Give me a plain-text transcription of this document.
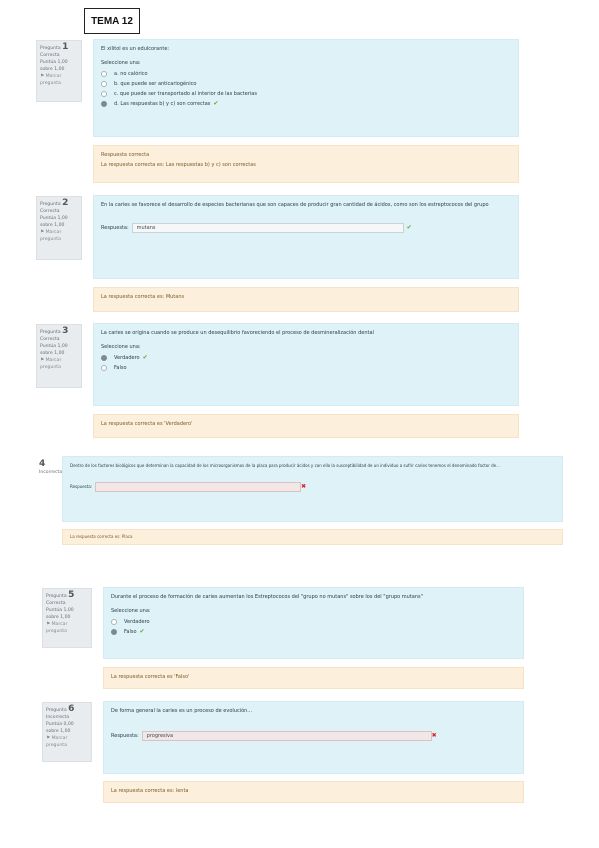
TEMA 12
Pregunta 1
Correcta
Puntúa 1,00
sobre 1,00
⚑ Marcar pregunta
El xilitol es un edulcorante:
Seleccione una:
a. no calórico
b. que puede ser anticariogénico
c. que puede ser transportado al interior de las bacterias
d. Las respuestas b) y c) son correctas ✔
Respuesta correcta
La respuesta correcta es: Las respuestas b) y c) son correctas
Pregunta 2
Correcta
Puntúa 1,00
sobre 1,00
⚑ Marcar pregunta
En la caries se favorece el desarrollo de especies bacterianas que son capaces de producir gran cantidad de ácidos, como son los estreptococos del grupo
Respuesta:	mutans	✔
La respuesta correcta es: Mutans
Pregunta 3
Correcta
Puntúa 1,00
sobre 1,00
⚑ Marcar pregunta
La caries se origina cuando se produce un desequilibrio favoreciendo el proceso de desmineralización dental
Seleccione una:
Verdadero ✔
Falso
La respuesta correcta es 'Verdadero'
4
Incorrecta
Dentro de los factores biológicos que determinan la capacidad de los microorganismos de la placa para producir ácidos y con ello la susceptibilidad de un individuo a sufrir caries tenemos el denominado factor de...
Respuesta:	✖
La respuesta correcta es: Placa
Pregunta 5
Correcta
Puntúa 1,00
sobre 1,00
⚑ Marcar pregunta
Durante el proceso de formación de caries aumentan los Estreptococos del "grupo no mutans" sobre los del "grupo mutans"
Seleccione una:
Verdadero
Falso ✔
La respuesta correcta es 'Falso'
Pregunta 6
Incorrecta
Puntúa 0,00
sobre 1,00
⚑ Marcar pregunta
De forma general la caries es un proceso de evolución...
Respuesta:	progresiva	✖
La respuesta correcta es: lenta
